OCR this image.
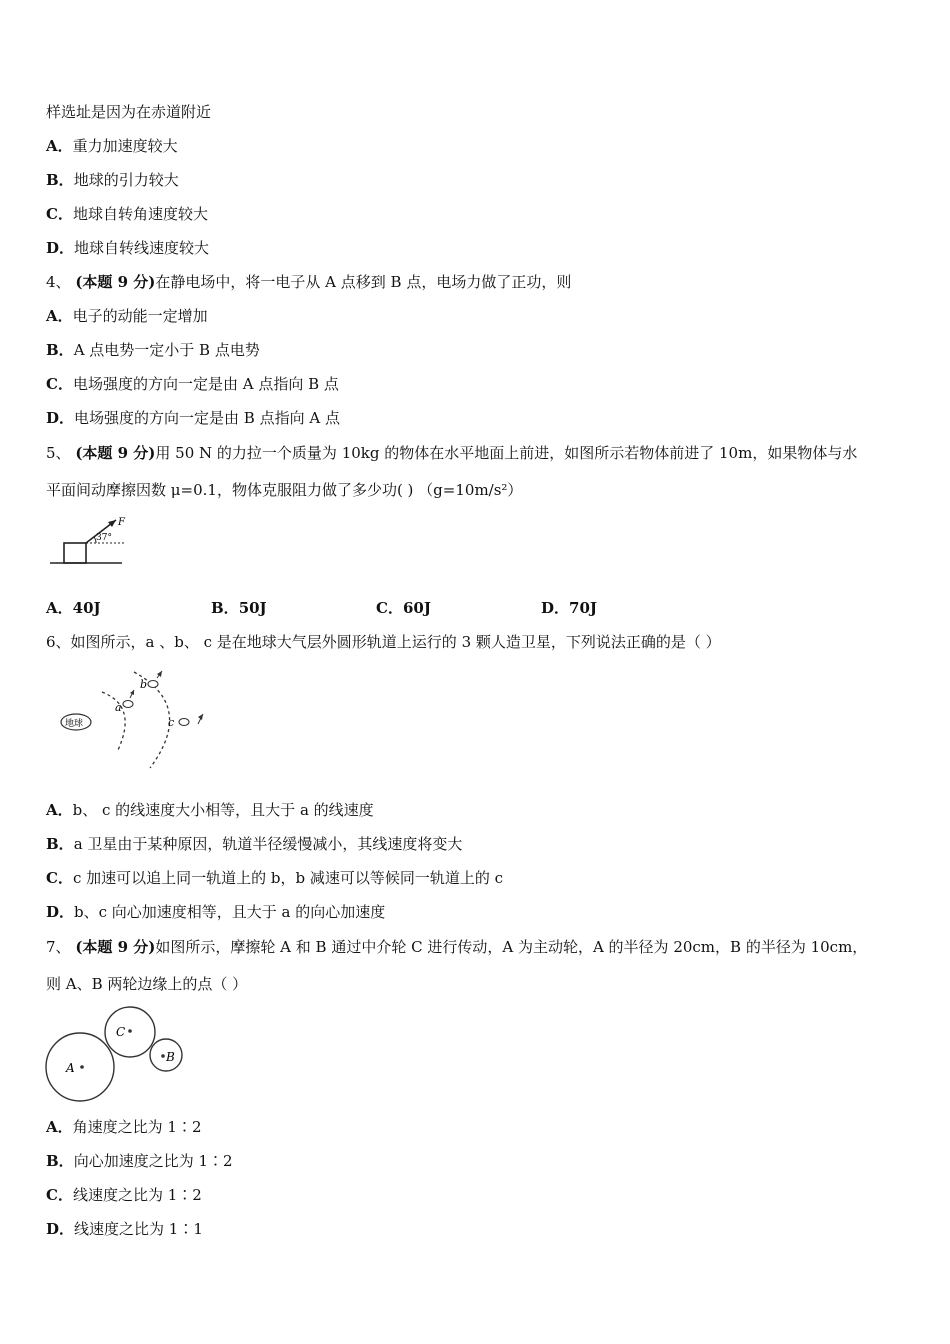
样选址是因为在赤道附近
A．重力加速度较大
B．地球的引力较大
C．地球自转角速度较大
D．地球自转线速度较大
4、 (本题 9 分)在静电场中，将一电子从 A 点移到 B 点，电场力做了正功，则
A．电子的动能一定增加
B．A 点电势一定小于 B 点电势
C．电场强度的方向一定是由 A 点指向 B 点
D．电场强度的方向一定是由 B 点指向 A 点
5、 (本题 9 分)用 50 N 的力拉一个质量为 10kg 的物体在水平地面上前进，如图所示若物体前进了 10m，如果物体与水
平面间动摩擦因数 μ=0.1，物体克服阻力做了多少功( ) （g=10m/s²）
F
37°
A．40J	B．50J	C．60J	D．70J
6、如图所示，a 、b、 c 是在地球大气层外圆形轨道上运行的 3 颗人造卫星，下列说法正确的是（ ）
地球
a
b
c
A．b、 c 的线速度大小相等，且大于 a 的线速度
B．a 卫星由于某种原因，轨道半径缓慢减小，其线速度将变大
C．c 加速可以追上同一轨道上的 b，b 减速可以等候同一轨道上的 c
D．b、c 向心加速度相等，且大于 a 的向心加速度
7、 (本题 9 分)如图所示，摩擦轮 A 和 B 通过中介轮 C 进行传动，A 为主动轮，A 的半径为 20cm，B 的半径为 10cm，
则 A、B 两轮边缘上的点（ ）
A
C
B
A．角速度之比为 1∶2
B．向心加速度之比为 1∶2
C．线速度之比为 1∶2
D．线速度之比为 1∶1
